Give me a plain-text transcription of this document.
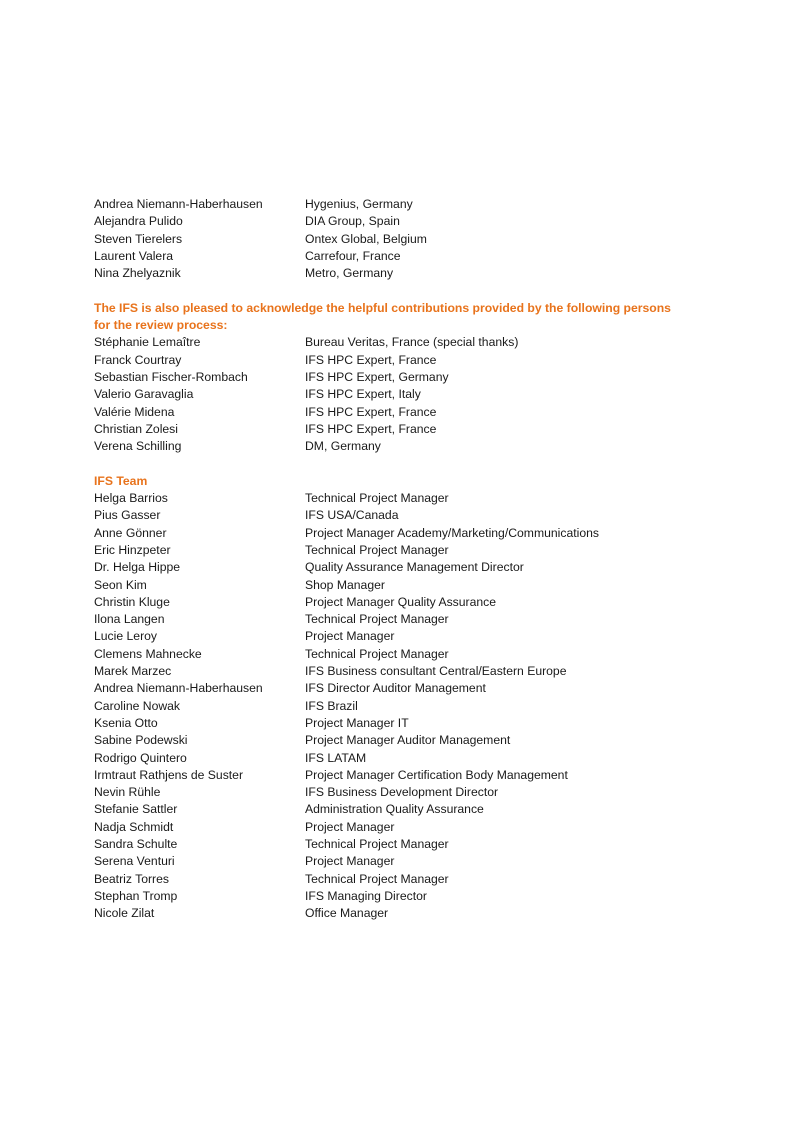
Andrea Niemann-Haberhausen	Hygenius, Germany
Alejandra Pulido	DIA Group, Spain
Steven Tierelers	Ontex Global, Belgium
Laurent Valera	Carrefour, France
Nina Zhelyaznik	Metro, Germany
The IFS is also pleased to acknowledge the helpful contributions provided by the following persons
for the review process:
Stéphanie Lemaître	Bureau Veritas, France (special thanks)
Franck Courtray	IFS HPC Expert, France
Sebastian Fischer-Rombach	IFS HPC Expert, Germany
Valerio Garavaglia	IFS HPC Expert, Italy
Valérie Midena	IFS HPC Expert, France
Christian Zolesi	IFS HPC Expert, France
Verena Schilling	DM, Germany
IFS Team
Helga Barrios	Technical Project Manager
Pius Gasser	IFS USA/Canada
Anne Gönner	Project Manager Academy/Marketing/Communications
Eric Hinzpeter	Technical Project Manager
Dr. Helga Hippe	Quality Assurance Management Director
Seon Kim	Shop Manager
Christin Kluge	Project Manager Quality Assurance
Ilona Langen	Technical Project Manager
Lucie Leroy	Project Manager
Clemens Mahnecke	Technical Project Manager
Marek Marzec	IFS Business consultant Central/Eastern Europe
Andrea Niemann-Haberhausen	IFS Director Auditor Management
Caroline Nowak	IFS Brazil
Ksenia Otto	Project Manager IT
Sabine Podewski	Project Manager Auditor Management
Rodrigo Quintero	IFS LATAM
Irmtraut Rathjens de Suster	Project Manager Certification Body Management
Nevin Rühle	IFS Business Development Director
Stefanie Sattler	Administration Quality Assurance
Nadja Schmidt	Project Manager
Sandra Schulte	Technical Project Manager
Serena Venturi	Project Manager
Beatriz Torres	Technical Project Manager
Stephan Tromp	IFS Managing Director
Nicole Zilat	Office Manager
